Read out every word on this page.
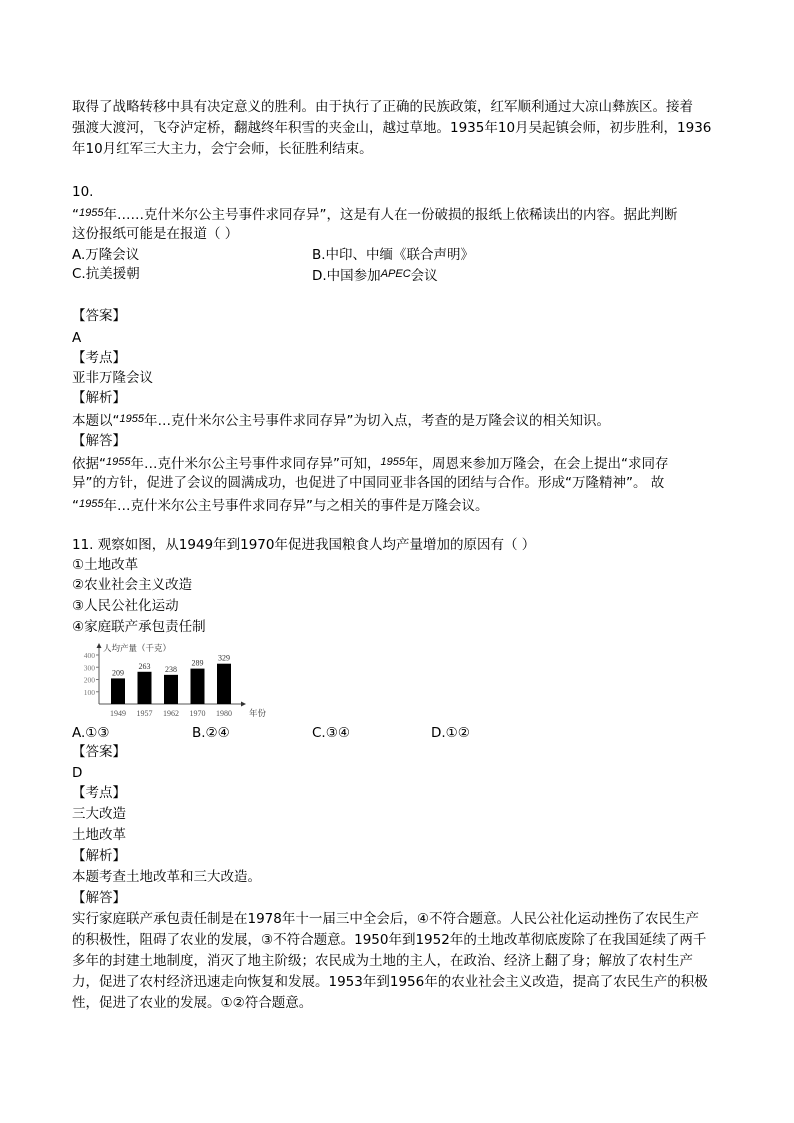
取得了战略转移中具有决定意义的胜利。由于执行了正确的民族政策，红军顺利通过大凉山彝族区。接着
强渡大渡河，飞夺泸定桥，翻越终年积雪的夹金山，越过草地。1935年10月吴起镇会师，初步胜利，1936
年10月红军三大主力，会宁会师，长征胜利结束。
10.
“$^{1955}$年……克什米尔公主号事件求同存异”，这是有人在一份破损的报纸上依稀读出的内容。据此判断
这份报纸可能是在报道（ ）
A.万隆会议	B.中印、中缅《联合声明》
C.抗美援朝	D.中国参加$^{APEC}$会议
【答案】
A
【考点】
亚非万隆会议
【解析】
本题以“$^{1955}$年…克什米尔公主号事件求同存异”为切入点，考查的是万隆会议的相关知识。
【解答】
依据“$^{1955}$年…克什米尔公主号事件求同存异”可知，$^{1955}$年，周恩来参加万隆会，在会上提出“求同存
异”的方针，促进了会议的圆满成功，也促进了中国同亚非各国的团结与合作。形成“万隆精神”。 故
“$^{1955}$年…克什米尔公主号事件求同存异”与之相关的事件是万隆会议。
11. 观察如图，从1949年到1970年促进我国粮食人均产量增加的原因有（ ）
①土地改革
②农业社会主义改造
③人民公社化运动
④家庭联产承包责任制
人均产量（千克）
年份
100
200
300
400
209
1949
263
1957
238
1962
289
1970
329
1980
A.①③	B.②④	C.③④	D.①②
【答案】
D
【考点】
三大改造
土地改革
【解析】
本题考查土地改革和三大改造。
【解答】
实行家庭联产承包责任制是在1978年十一届三中全会后，④不符合题意。人民公社化运动挫伤了农民生产
的积极性，阻碍了农业的发展，③不符合题意。1950年到1952年的土地改革彻底废除了在我国延续了两千
多年的封建土地制度，消灭了地主阶级；农民成为土地的主人，在政治、经济上翻了身；解放了农村生产
力，促进了农村经济迅速走向恢复和发展。1953年到1956年的农业社会主义改造，提高了农民生产的积极
性，促进了农业的发展。①②符合题意。
